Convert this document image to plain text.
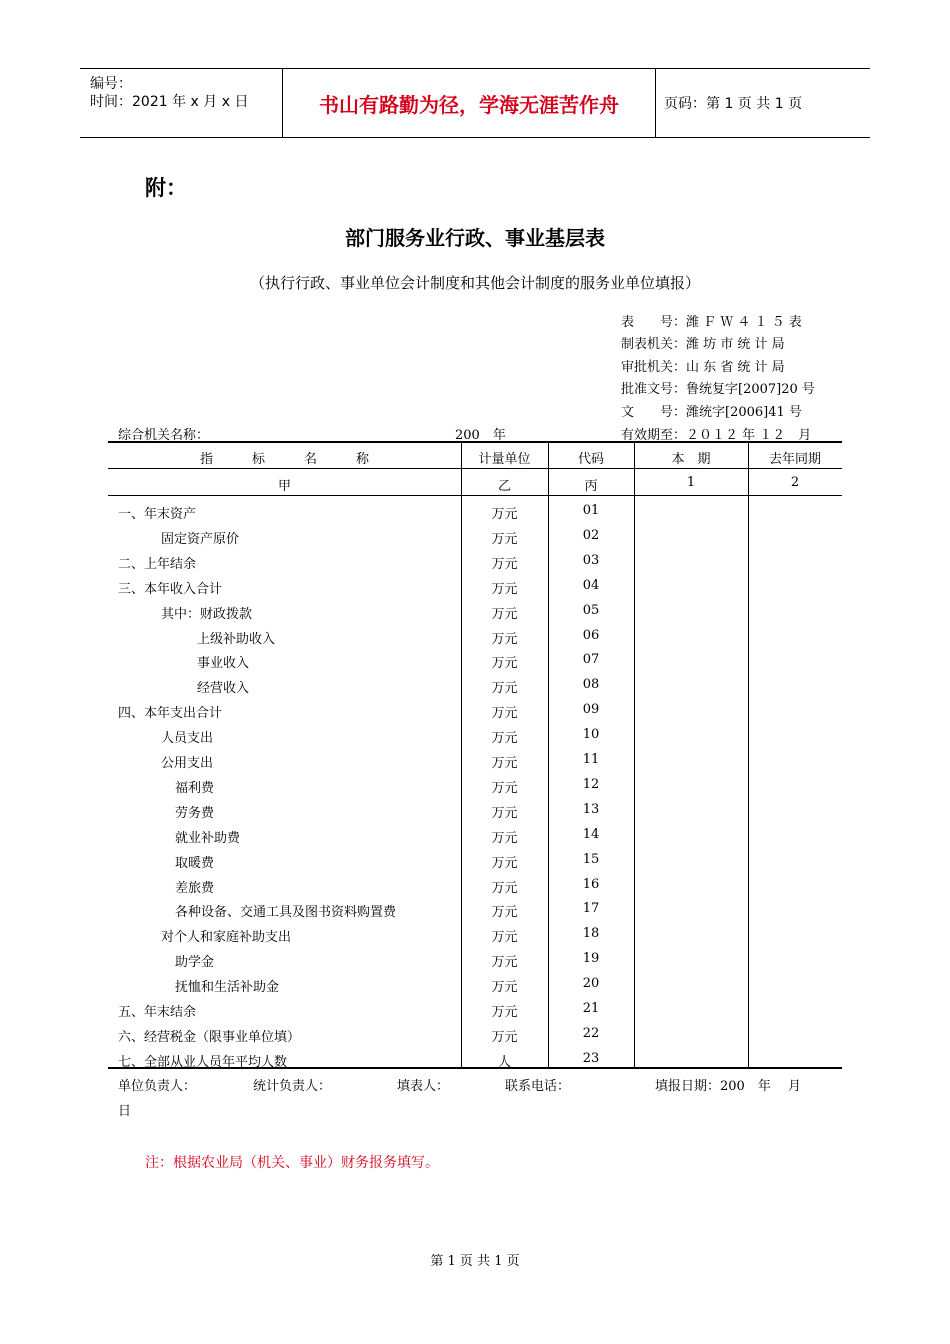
编号：
时间：2021 年 x 月 x 日	书山有路勤为径，学海无涯苦作舟	页码：第 1 页 共 1 页
附：
部门服务业行政、事业基层表
（执行行政、事业单位会计制度和其他会计制度的服务业单位填报）
表　　号：潍 Ｆ Ｗ ４ １ ５ 表
制表机关：潍 坊 市 统 计 局
审批机关：山 东 省 统 计 局
批准文号：鲁统复字[2007]20 号
文　　号：潍统字[2006]41 号
有效期至：２０１２ 年 １２　月
综合机关名称：	200　年
指　　　标　　　名　　　称	计量单位	代码	本　期	去年同期
甲	乙	丙	1	2
一、年末资产	万元	01
固定资产原价	万元	02
二、上年结余	万元	03
三、本年收入合计	万元	04
其中：财政拨款	万元	05
上级补助收入	万元	06
事业收入	万元	07
经营收入	万元	08
四、本年支出合计	万元	09
人员支出	万元	10
公用支出	万元	11
福利费	万元	12
劳务费	万元	13
就业补助费	万元	14
取暖费	万元	15
差旅费	万元	16
各种设备、交通工具及图书资料购置费	万元	17
对个人和家庭补助支出	万元	18
助学金	万元	19
抚恤和生活补助金	万元	20
五、年末结余	万元	21
六、经营税金（限事业单位填）	万元	22
七、全部从业人员年平均人数	人	23
单位负责人：	统计负责人：	填表人：	联系电话：	填报日期：200　年　 月
日
注：根据农业局（机关、事业）财务报务填写。
第 1 页 共 1 页
